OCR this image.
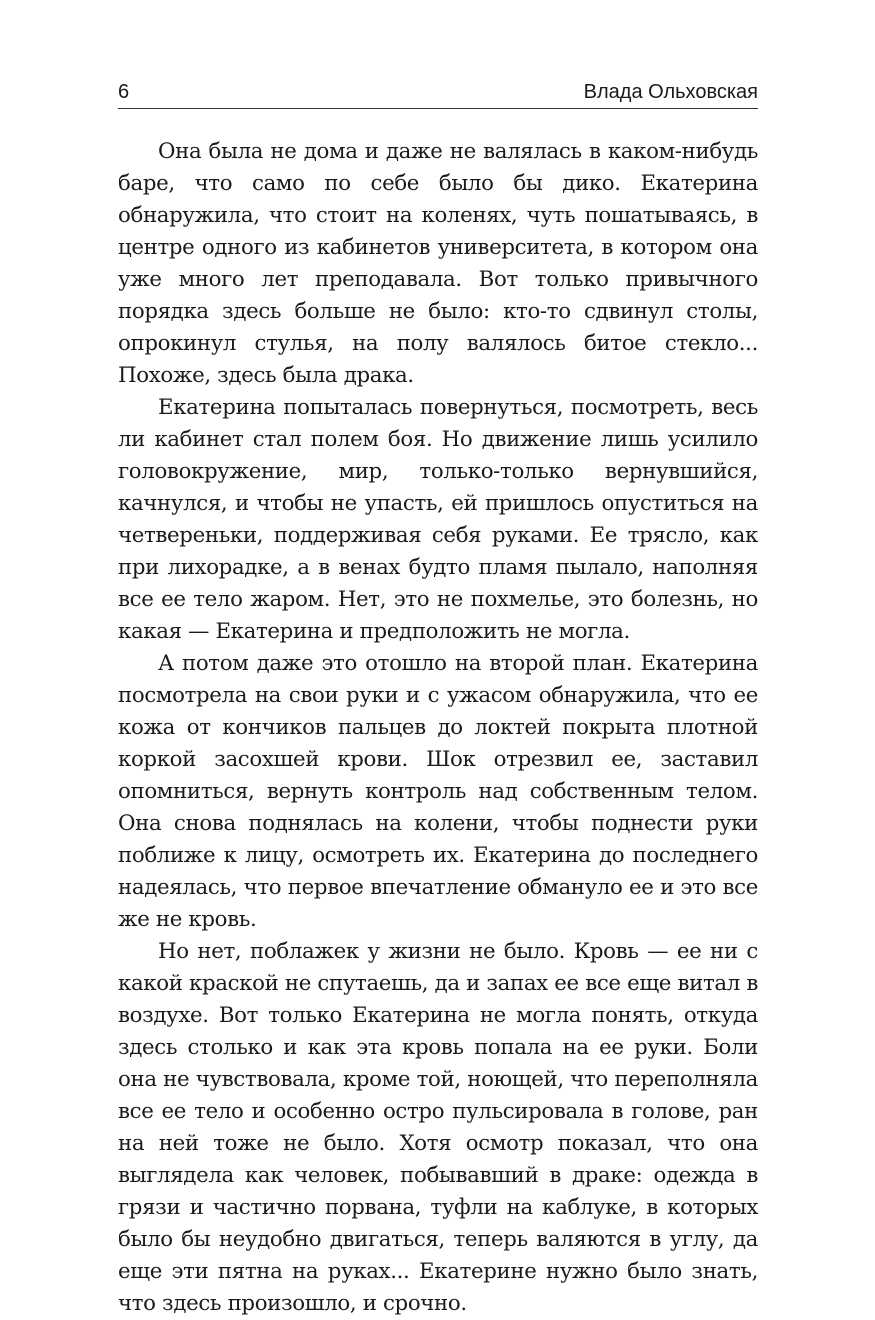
6	Влада Ольховская

Она была не дома и даже не валялась в каком-нибудь баре, что само по себе было бы дико. Екатерина обнаружила, что стоит на коленях, чуть пошатываясь, в центре одного из кабинетов университета, в котором она уже много лет преподавала. Вот только привычного порядка здесь больше не было: кто-то сдвинул столы, опрокинул стулья, на полу валялось битое стекло... Похоже, здесь была драка.

Екатерина попыталась повернуться, посмотреть, весь ли кабинет стал полем боя. Но движение лишь усилило головокружение, мир, только-только вернувшийся, качнулся, и чтобы не упасть, ей пришлось опуститься на четвереньки, поддерживая себя руками. Ее трясло, как при лихорадке, а в венах будто пламя пылало, наполняя все ее тело жаром. Нет, это не похмелье, это болезнь, но какая — Екатерина и предположить не могла.

А потом даже это отошло на второй план. Екатерина посмотрела на свои руки и с ужасом обнаружила, что ее кожа от кончиков пальцев до локтей покрыта плотной коркой засохшей крови. Шок отрезвил ее, заставил опомниться, вернуть контроль над собственным телом. Она снова поднялась на колени, чтобы поднести руки поближе к лицу, осмотреть их. Екатерина до последнего надеялась, что первое впечатление обмануло ее и это все же не кровь.

Но нет, поблажек у жизни не было. Кровь — ее ни с какой краской не спутаешь, да и запах ее все еще витал в воздухе. Вот только Екатерина не могла понять, откуда здесь столько и как эта кровь попала на ее руки. Боли она не чувствовала, кроме той, ноющей, что переполняла все ее тело и особенно остро пульсировала в голове, ран на ней тоже не было. Хотя осмотр показал, что она выглядела как человек, побывавший в драке: одежда в грязи и частично порвана, туфли на каблуке, в которых было бы неудобно двигаться, теперь валяются в углу, да еще эти пятна на руках... Екатерине нужно было знать, что здесь произошло, и срочно.
